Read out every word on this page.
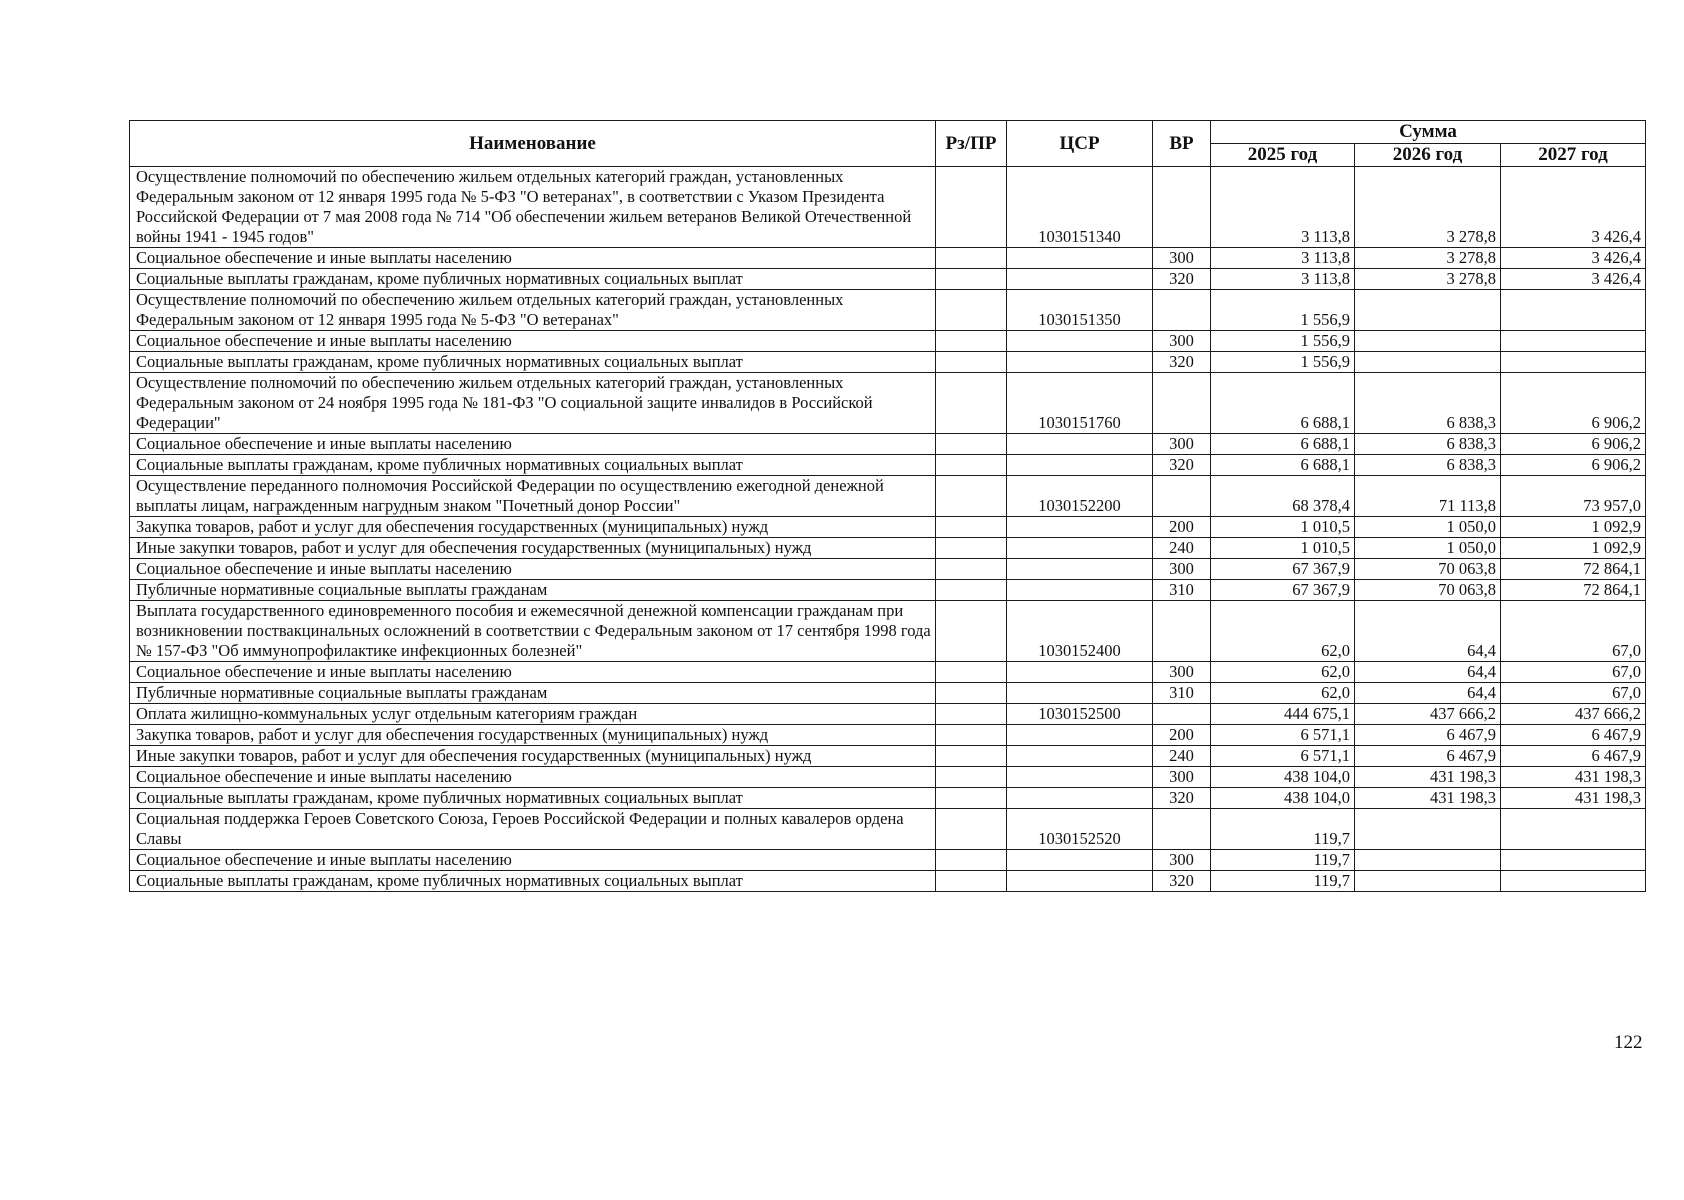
Наименование	Рз/ПР	ЦСР	ВР	Сумма		
				2025 год	2026 год	2027 год
Осуществление полномочий по обеспечению жильем отдельных категорий граждан, установленных Федеральным законом от 12 января 1995 года № 5-ФЗ "О ветеранах", в соответствии с Указом Президента Российской Федерации от 7 мая 2008 года № 714 "Об обеспечении жильем ветеранов Великой Отечественной войны 1941 - 1945 годов"		1030151340		3 113,8	3 278,8	3 426,4
Социальное обеспечение и иные выплаты населению			300	3 113,8	3 278,8	3 426,4
Социальные выплаты гражданам, кроме публичных нормативных социальных выплат			320	3 113,8	3 278,8	3 426,4
Осуществление полномочий по обеспечению жильем отдельных категорий граждан, установленных Федеральным законом от 12 января 1995 года № 5-ФЗ "О ветеранах"		1030151350		1 556,9		
Социальное обеспечение и иные выплаты населению			300	1 556,9		
Социальные выплаты гражданам, кроме публичных нормативных социальных выплат			320	1 556,9		
Осуществление полномочий по обеспечению жильем отдельных категорий граждан, установленных Федеральным законом от 24 ноября 1995 года № 181-ФЗ "О социальной защите инвалидов в Российской Федерации"		1030151760		6 688,1	6 838,3	6 906,2
Социальное обеспечение и иные выплаты населению			300	6 688,1	6 838,3	6 906,2
Социальные выплаты гражданам, кроме публичных нормативных социальных выплат			320	6 688,1	6 838,3	6 906,2
Осуществление переданного полномочия Российской Федерации по осуществлению ежегодной денежной выплаты лицам, награжденным нагрудным знаком "Почетный донор России"		1030152200		68 378,4	71 113,8	73 957,0
Закупка товаров, работ и услуг для обеспечения государственных (муниципальных) нужд			200	1 010,5	1 050,0	1 092,9
Иные закупки товаров, работ и услуг для обеспечения государственных (муниципальных) нужд			240	1 010,5	1 050,0	1 092,9
Социальное обеспечение и иные выплаты населению			300	67 367,9	70 063,8	72 864,1
Публичные нормативные социальные выплаты гражданам			310	67 367,9	70 063,8	72 864,1
Выплата государственного единовременного пособия и ежемесячной денежной компенсации гражданам при возникновении поствакцинальных осложнений в соответствии с Федеральным законом от 17 сентября 1998 года № 157-ФЗ "Об иммунопрофилактике инфекционных болезней"		1030152400		62,0	64,4	67,0
Социальное обеспечение и иные выплаты населению			300	62,0	64,4	67,0
Публичные нормативные социальные выплаты гражданам			310	62,0	64,4	67,0
Оплата жилищно-коммунальных услуг отдельным категориям граждан		1030152500		444 675,1	437 666,2	437 666,2
Закупка товаров, работ и услуг для обеспечения государственных (муниципальных) нужд			200	6 571,1	6 467,9	6 467,9
Иные закупки товаров, работ и услуг для обеспечения государственных (муниципальных) нужд			240	6 571,1	6 467,9	6 467,9
Социальное обеспечение и иные выплаты населению			300	438 104,0	431 198,3	431 198,3
Социальные выплаты гражданам, кроме публичных нормативных социальных выплат			320	438 104,0	431 198,3	431 198,3
Социальная поддержка Героев Советского Союза, Героев Российской Федерации и полных кавалеров ордена Славы		1030152520		119,7		
Социальное обеспечение и иные выплаты населению			300	119,7		
Социальные выплаты гражданам, кроме публичных нормативных социальных выплат			320	119,7		
122
